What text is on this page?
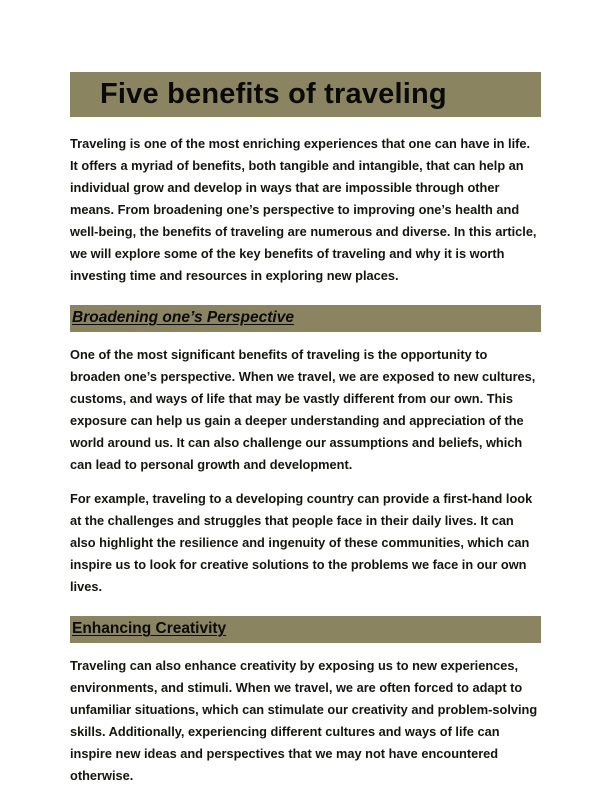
Five benefits of traveling

Traveling is one of the most enriching experiences that one can have in life. It offers a myriad of benefits, both tangible and intangible, that can help an individual grow and develop in ways that are impossible through other means. From broadening one’s perspective to improving one’s health and well-being, the benefits of traveling are numerous and diverse. In this article, we will explore some of the key benefits of traveling and why it is worth investing time and resources in exploring new places.

Broadening one’s Perspective

One of the most significant benefits of traveling is the opportunity to broaden one’s perspective. When we travel, we are exposed to new cultures, customs, and ways of life that may be vastly different from our own. This exposure can help us gain a deeper understanding and appreciation of the world around us. It can also challenge our assumptions and beliefs, which can lead to personal growth and development.

For example, traveling to a developing country can provide a first-hand look at the challenges and struggles that people face in their daily lives. It can also highlight the resilience and ingenuity of these communities, which can inspire us to look for creative solutions to the problems we face in our own lives.

Enhancing Creativity

Traveling can also enhance creativity by exposing us to new experiences, environments, and stimuli. When we travel, we are often forced to adapt to unfamiliar situations, which can stimulate our creativity and problem-solving skills. Additionally, experiencing different cultures and ways of life can inspire new ideas and perspectives that we may not have encountered otherwise.
